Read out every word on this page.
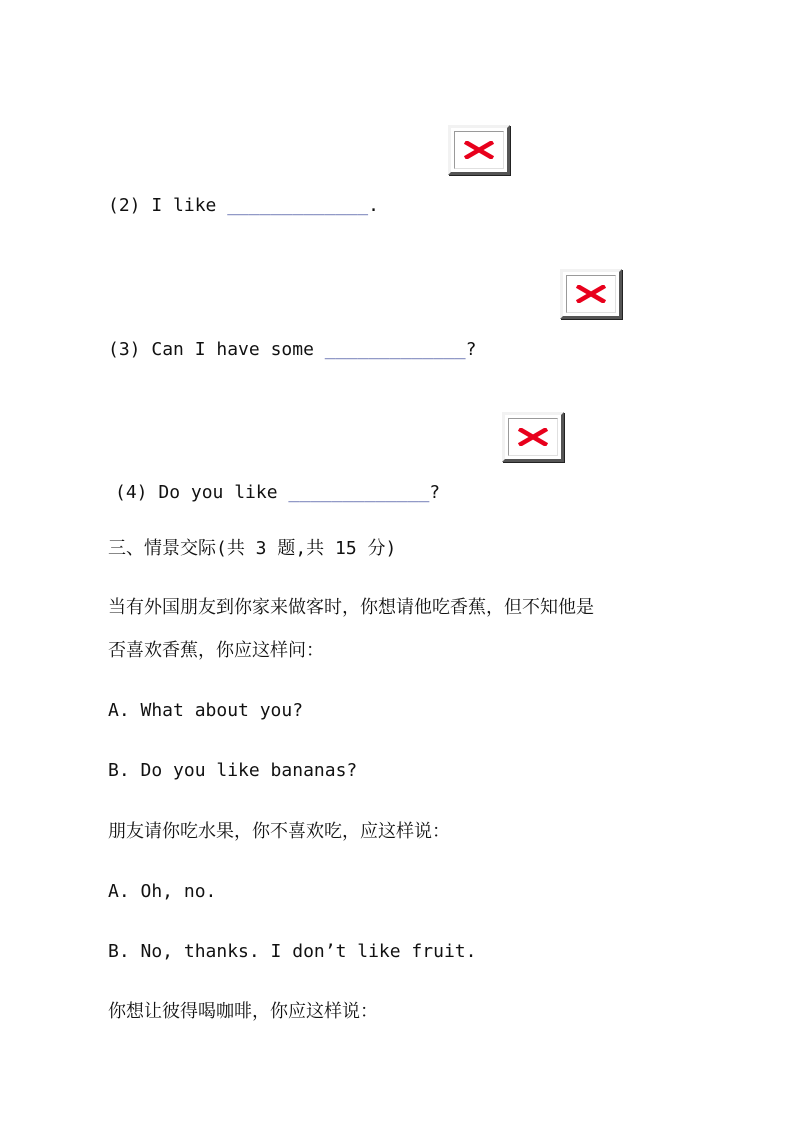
(2) I like _____________.
(3) Can I have some _____________?
(4) Do you like _____________?
三、情景交际(共 3 题,共 15 分)
当有外国朋友到你家来做客时，你想请他吃香蕉，但不知他是
否喜欢香蕉，你应这样问：
A. What about you?
B. Do you like bananas?
朋友请你吃水果，你不喜欢吃，应这样说：
A. Oh, no.
B. No, thanks. I don’t like fruit.
你想让彼得喝咖啡，你应这样说：
